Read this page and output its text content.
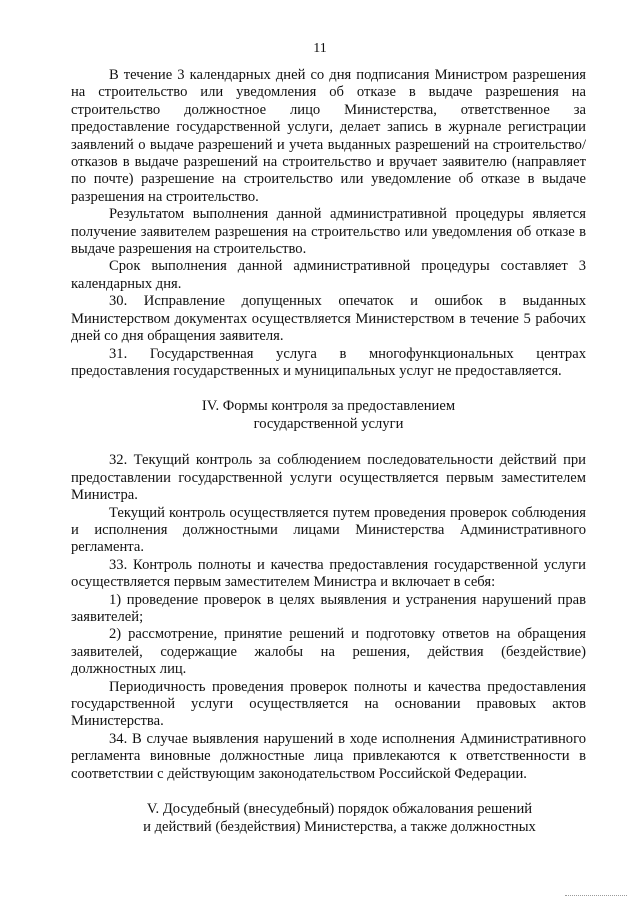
11

В течение 3 календарных дней со дня подписания Министром разрешения на строительство или уведомления об отказе в выдаче разрешения на строительство должностное лицо Министерства, ответственное за предоставление государственной услуги, делает запись в журнале регистрации заявлений о выдаче разрешений и учета выданных разрешений на строительство/отказов в выдаче разрешений на строительство и вручает заявителю (направляет по почте) разрешение на строительство или уведомление об отказе в выдаче разрешения на строительство.

Результатом выполнения данной административной процедуры является получение заявителем разрешения на строительство или уведомления об отказе в выдаче разрешения на строительство.

Срок выполнения данной административной процедуры составляет 3 календарных дня.

30. Исправление допущенных опечаток и ошибок в выданных Министерством документах осуществляется Министерством в течение 5 рабочих дней со дня обращения заявителя.

31. Государственная услуга в многофункциональных центрах предоставления государственных и муниципальных услуг не предоставляется.

IV. Формы контроля за предоставлением
государственной услуги

32. Текущий контроль за соблюдением последовательности действий при предоставлении государственной услуги осуществляется первым заместителем Министра.

Текущий контроль осуществляется путем проведения проверок соблюдения и исполнения должностными лицами Министерства Административного регламента.

33. Контроль полноты и качества предоставления государственной услуги осуществляется первым заместителем Министра и включает в себя:

1) проведение проверок в целях выявления и устранения нарушений прав заявителей;

2) рассмотрение, принятие решений и подготовку ответов на обращения заявителей, содержащие жалобы на решения, действия (бездействие) должностных лиц.

Периодичность проведения проверок полноты и качества предоставления государственной услуги осуществляется на основании правовых актов Министерства.

34. В случае выявления нарушений в ходе исполнения Административного регламента виновные должностные лица привлекаются к ответственности в соответствии с действующим законодательством Российской Федерации.

V. Досудебный (внесудебный) порядок обжалования решений
и действий (бездействия) Министерства, а также должностных
